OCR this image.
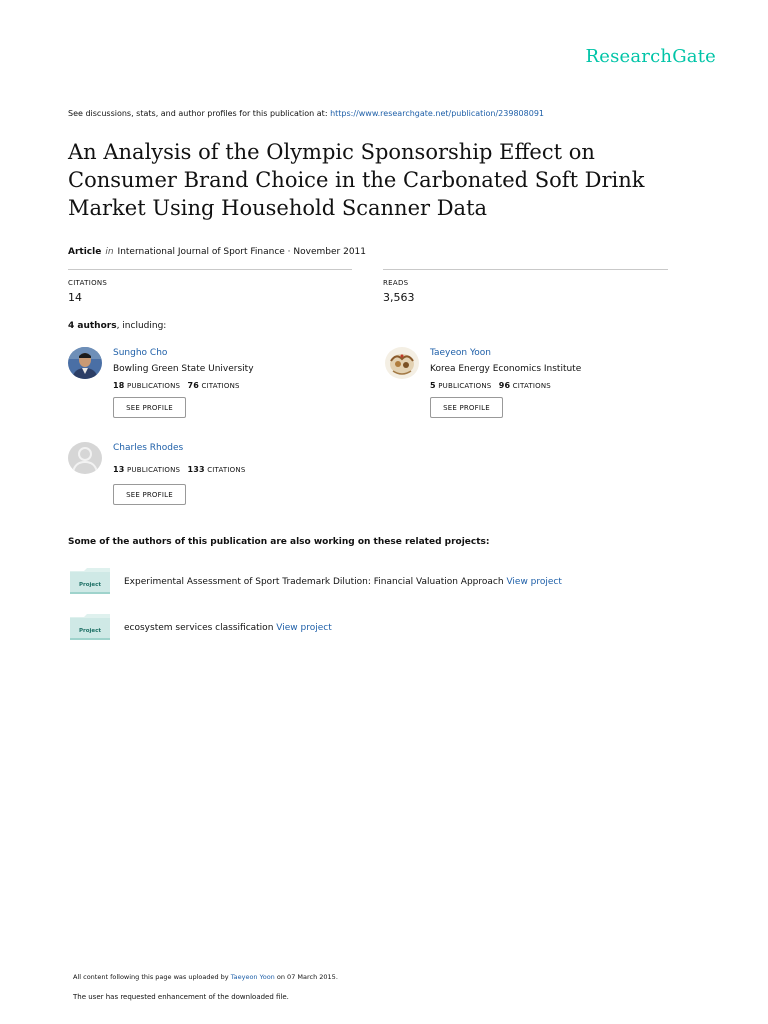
ResearchGate
See discussions, stats, and author profiles for this publication at: https://www.researchgate.net/publication/239808091
An Analysis of the Olympic Sponsorship Effect on Consumer Brand Choice in the Carbonated Soft Drink Market Using Household Scanner Data
Article in International Journal of Sport Finance · November 2011
CITATIONS
14
READS
3,563
4 authors, including:
Sungho Cho
Bowling Green State University
18 PUBLICATIONS 76 CITATIONS
SEE PROFILE
Taeyeon Yoon
Korea Energy Economics Institute
5 PUBLICATIONS 96 CITATIONS
SEE PROFILE
Charles Rhodes
13 PUBLICATIONS 133 CITATIONS
SEE PROFILE
Some of the authors of this publication are also working on these related projects:
Project	Experimental Assessment of Sport Trademark Dilution: Financial Valuation Approach View project
Project	ecosystem services classification View project
All content following this page was uploaded by Taeyeon Yoon on 07 March 2015.
The user has requested enhancement of the downloaded file.
